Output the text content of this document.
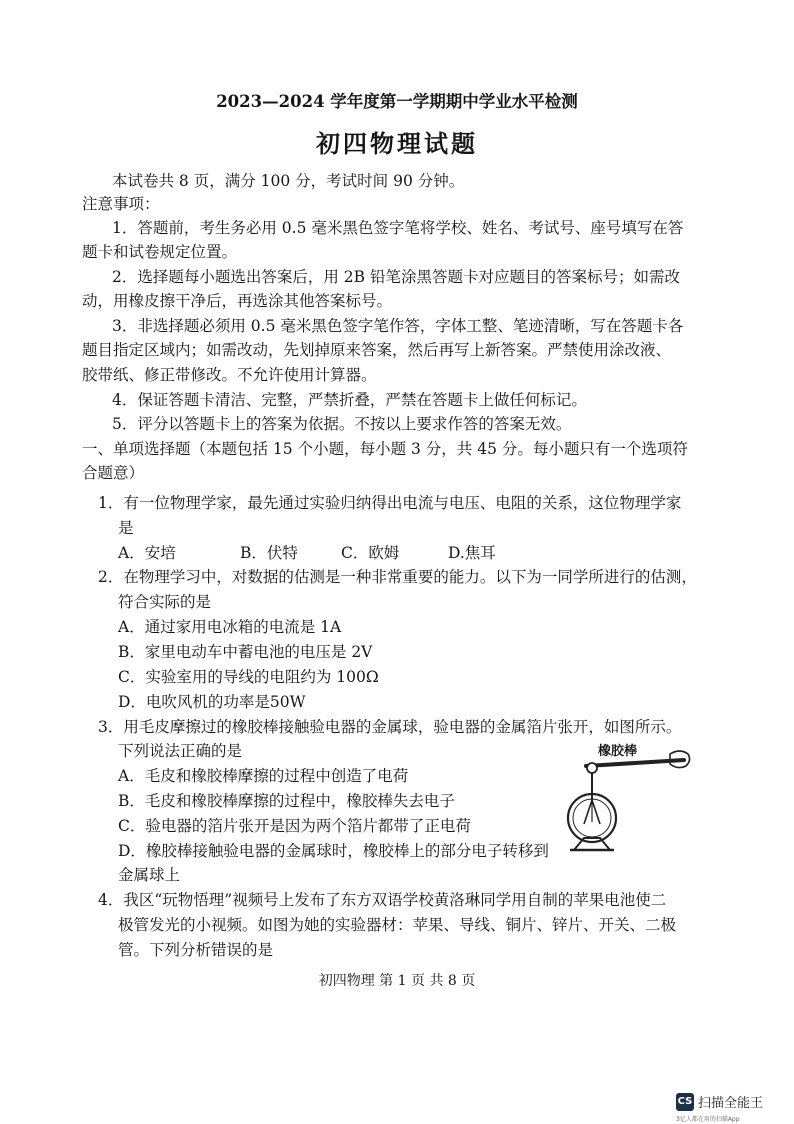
2023—2024 学年度第一学期期中学业水平检测
初四物理试题
本试卷共 8 页，满分 100 分，考试时间 90 分钟。
注意事项：
1．答题前，考生务必用 0.5 毫米黑色签字笔将学校、姓名、考试号、座号填写在答
题卡和试卷规定位置。
2．选择题每小题选出答案后，用 2B 铅笔涂黑答题卡对应题目的答案标号；如需改
动，用橡皮擦干净后，再选涂其他答案标号。
3．非选择题必须用 0.5 毫米黑色签字笔作答，字体工整、笔迹清晰，写在答题卡各
题目指定区域内；如需改动，先划掉原来答案，然后再写上新答案。严禁使用涂改液、
胶带纸、修正带修改。不允许使用计算器。
4．保证答题卡清洁、完整，严禁折叠，严禁在答题卡上做任何标记。
5．评分以答题卡上的答案为依据。不按以上要求作答的答案无效。
一、单项选择题（本题包括 15 个小题，每小题 3 分，共 45 分。每小题只有一个选项符
合题意）
1．有一位物理学家，最先通过实验归纳得出电流与电压、电阻的关系，这位物理学家
是
A．安培	B．伏特	C．欧姆	D.焦耳
2．在物理学习中，对数据的估测是一种非常重要的能力。以下为一同学所进行的估测，
符合实际的是
A．通过家用电冰箱的电流是 1A
B．家里电动车中蓄电池的电压是 2V
C．实验室用的导线的电阻约为 100Ω
D．电吹风机的功率是50W
3．用毛皮摩擦过的橡胶棒接触验电器的金属球，验电器的金属箔片张开，如图所示。
下列说法正确的是
A．毛皮和橡胶棒摩擦的过程中创造了电荷
B．毛皮和橡胶棒摩擦的过程中，橡胶棒失去电子
C．验电器的箔片张开是因为两个箔片都带了正电荷
D．橡胶棒接触验电器的金属球时，橡胶棒上的部分电子转移到
金属球上
橡胶棒
4．我区“玩物悟理”视频号上发布了东方双语学校黄洛琳同学用自制的苹果电池使二
极管发光的小视频。如图为她的实验器材：苹果、导线、铜片、锌片、开关、二极
管。下列分析错误的是
初四物理 第 1 页 共 8 页
CS 扫描全能王
3亿人都在用的扫描App
